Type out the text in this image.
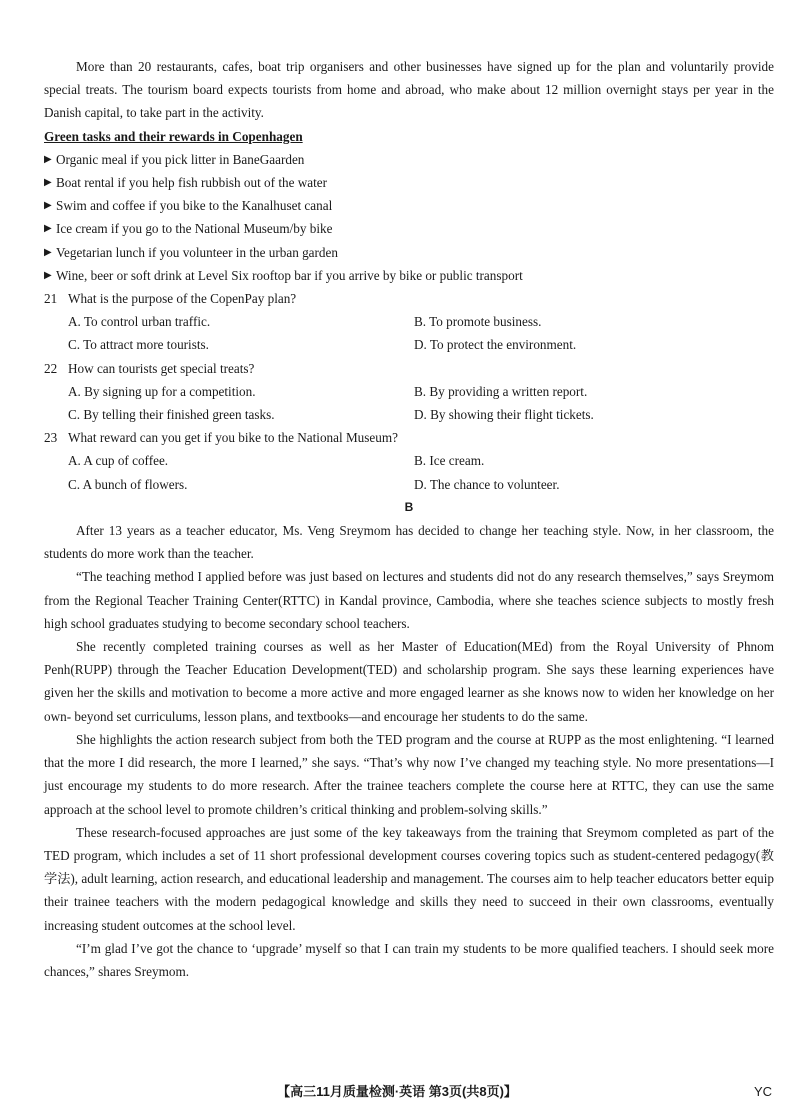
More than 20 restaurants, cafes, boat trip organisers and other businesses have signed up for the plan and voluntarily provide special treats. The tourism board expects tourists from home and abroad, who make about 12 million overnight stays per year in the Danish capital, to take part in the activity.

Green tasks and their rewards in Copenhagen
▶ Organic meal if you pick litter in BaneGaarden
▶ Boat rental if you help fish rubbish out of the water
▶ Swim and coffee if you bike to the Kanalhuset canal
▶ Ice cream if you go to the National Museum/by bike
▶ Vegetarian lunch if you volunteer in the urban garden
▶ Wine, beer or soft drink at Level Six rooftop bar if you arrive by bike or public transport
21 What is the purpose of the CopenPay plan?
A. To control urban traffic.	B. To promote business.
C. To attract more tourists.	D. To protect the environment.
22 How can tourists get special treats?
A. By signing up for a competition.	B. By providing a written report.
C. By telling their finished green tasks.	D. By showing their flight tickets.
23 What reward can you get if you bike to the National Museum?
A. A cup of coffee.	B. Ice cream.
C. A bunch of flowers.	D. The chance to volunteer.
B

After 13 years as a teacher educator, Ms. Veng Sreymom has decided to change her teaching style. Now, in her classroom, the students do more work than the teacher.

“The teaching method I applied before was just based on lectures and students did not do any research themselves,” says Sreymom from the Regional Teacher Training Center(RTTC) in Kandal province, Cambodia, where she teaches science subjects to mostly fresh high school graduates studying to become secondary school teachers.

She recently completed training courses as well as her Master of Education(MEd) from the Royal University of Phnom Penh(RUPP) through the Teacher Education Development(TED) and scholarship program. She says these learning experiences have given her the skills and motivation to become a more active and more engaged learner as she knows now to widen her knowledge on her own- beyond set curriculums, lesson plans, and textbooks—and encourage her students to do the same.

She highlights the action research subject from both the TED program and the course at RUPP as the most enlightening. “I learned that the more I did research, the more I learned,” she says. “That’s why now I’ve changed my teaching style. No more presentations—I just encourage my students to do more research. After the trainee teachers complete the course here at RTTC, they can use the same approach at the school level to promote children’s critical thinking and problem-solving skills.”

These research-focused approaches are just some of the key takeaways from the training that Sreymom completed as part of the TED program, which includes a set of 11 short professional development courses covering topics such as student-centered pedagogy(教学法), adult learning, action research, and educational leadership and management. The courses aim to help teacher educators better equip their trainee teachers with the modern pedagogical knowledge and skills they need to succeed in their own classrooms, eventually increasing student outcomes at the school level.

“I’m glad I’ve got the chance to ‘upgrade’ myself so that I can train my students to be more qualified teachers. I should seek more chances,” shares Sreymom.

【高三11月质量检测·英语 第3页(共8页)】	YC
